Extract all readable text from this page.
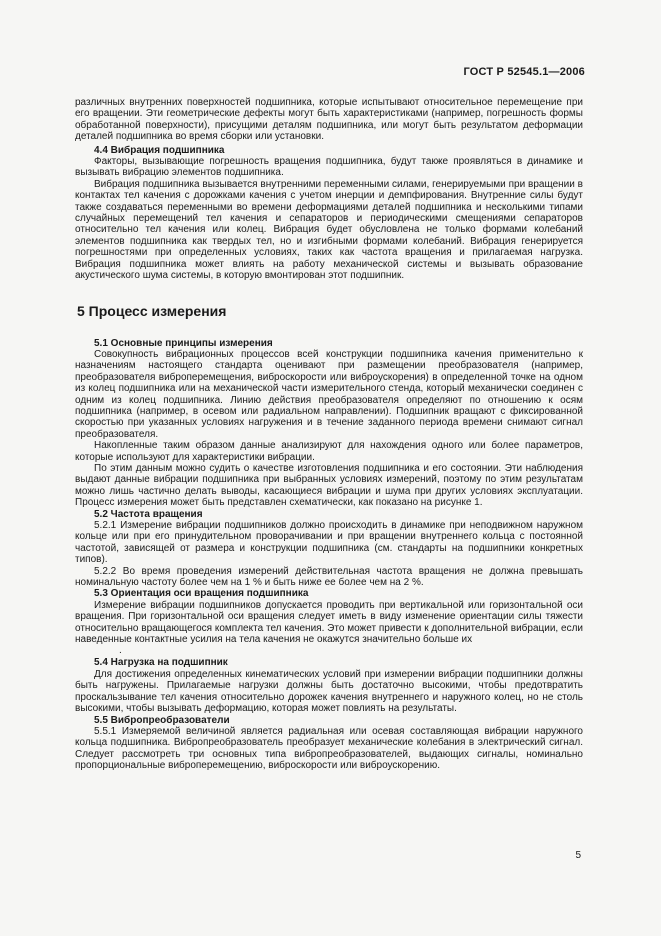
ГОСТ Р 52545.1—2006

различных внутренних поверхностей подшипника, которые испытывают относительное перемещение при его вращении. Эти геометрические дефекты могут быть характеристиками (например, погрешность формы обработанной поверхности), присущими деталям подшипника, или могут быть результатом деформации деталей подшипника во время сборки или установки.

4.4 Вибрация подшипника

Факторы, вызывающие погрешность вращения подшипника, будут также проявляться в динамике и вызывать вибрацию элементов подшипника.

Вибрация подшипника вызывается внутренними переменными силами, генерируемыми при вращении в контактах тел качения с дорожками качения с учетом инерции и демпфирования. Внутренние силы будут также создаваться переменными во времени деформациями деталей подшипника и несколькими типами случайных перемещений тел качения и сепараторов и периодическими смещениями сепараторов относительно тел качения или колец. Вибрация будет обусловлена не только формами колебаний элементов подшипника как твердых тел, но и изгибными формами колебаний. Вибрация генерируется погрешностями при определенных условиях, таких как частота вращения и прилагаемая нагрузка. Вибрация подшипника может влиять на работу механической системы и вызывать образование акустического шума системы, в которую вмонтирован этот подшипник.

5 Процесс измерения
5.1 Основные принципы измерения

Совокупность вибрационных процессов всей конструкции подшипника качения применительно к назначениям настоящего стандарта оценивают при размещении преобразователя (например, преобразователя виброперемещения, виброскорости или виброускорения) в определенной точке на одном из колец подшипника или на механической части измерительного стенда, который механически соединен с одним из колец подшипника. Линию действия преобразователя определяют по отношению к осям подшипника (например, в осевом или радиальном направлении). Подшипник вращают с фиксированной скоростью при указанных условиях нагружения и в течение заданного периода времени снимают сигнал преобразователя.

Накопленные таким образом данные анализируют для нахождения одного или более параметров, которые используют для характеристики вибрации.

По этим данным можно судить о качестве изготовления подшипника и его состоянии. Эти наблюдения выдают данные вибрации подшипника при выбранных условиях измерений, поэтому по этим результатам можно лишь частично делать выводы, касающиеся вибрации и шума при других условиях эксплуатации. Процесс измерения может быть представлен схематически, как показано на рисунке 1.

5.2 Частота вращения

5.2.1 Измерение вибрации подшипников должно происходить в динамике при неподвижном наружном кольце или при его принудительном проворачивании и при вращении внутреннего кольца с постоянной частотой, зависящей от размера и конструкции подшипника (см. стандарты на подшипники конкретных типов).

5.2.2 Во время проведения измерений действительная частота вращения не должна превышать номинальную частоту более чем на 1 % и быть ниже ее более чем на 2 %.

5.3 Ориентация оси вращения подшипника

Измерение вибрации подшипников допускается проводить при вертикальной или горизонтальной оси вращения. При горизонтальной оси вращения следует иметь в виду изменение ориентации силы тяжести относительно вращающегося комплекта тел качения. Это может привести к дополнительной вибрации, если наведенные контактные усилия на тела качения не окажутся значительно больше их

.
5.4 Нагрузка на подшипник

Для достижения определенных кинематических условий при измерении вибрации подшипники должны быть нагружены. Прилагаемые нагрузки должны быть достаточно высокими, чтобы предотвратить проскальзывание тел качения относительно дорожек качения внутреннего и наружного колец, но не столь высокими, чтобы вызывать деформацию, которая может повлиять на результаты.

5.5 Вибропреобразователи

5.5.1 Измеряемой величиной является радиальная или осевая составляющая вибрации наружного кольца подшипника. Вибропреобразователь преобразует механические колебания в электрический сигнал. Следует рассмотреть три основных типа вибропреобразователей, выдающих сигналы, номинально пропорциональные виброперемещению, виброскорости или виброускорению.

5
